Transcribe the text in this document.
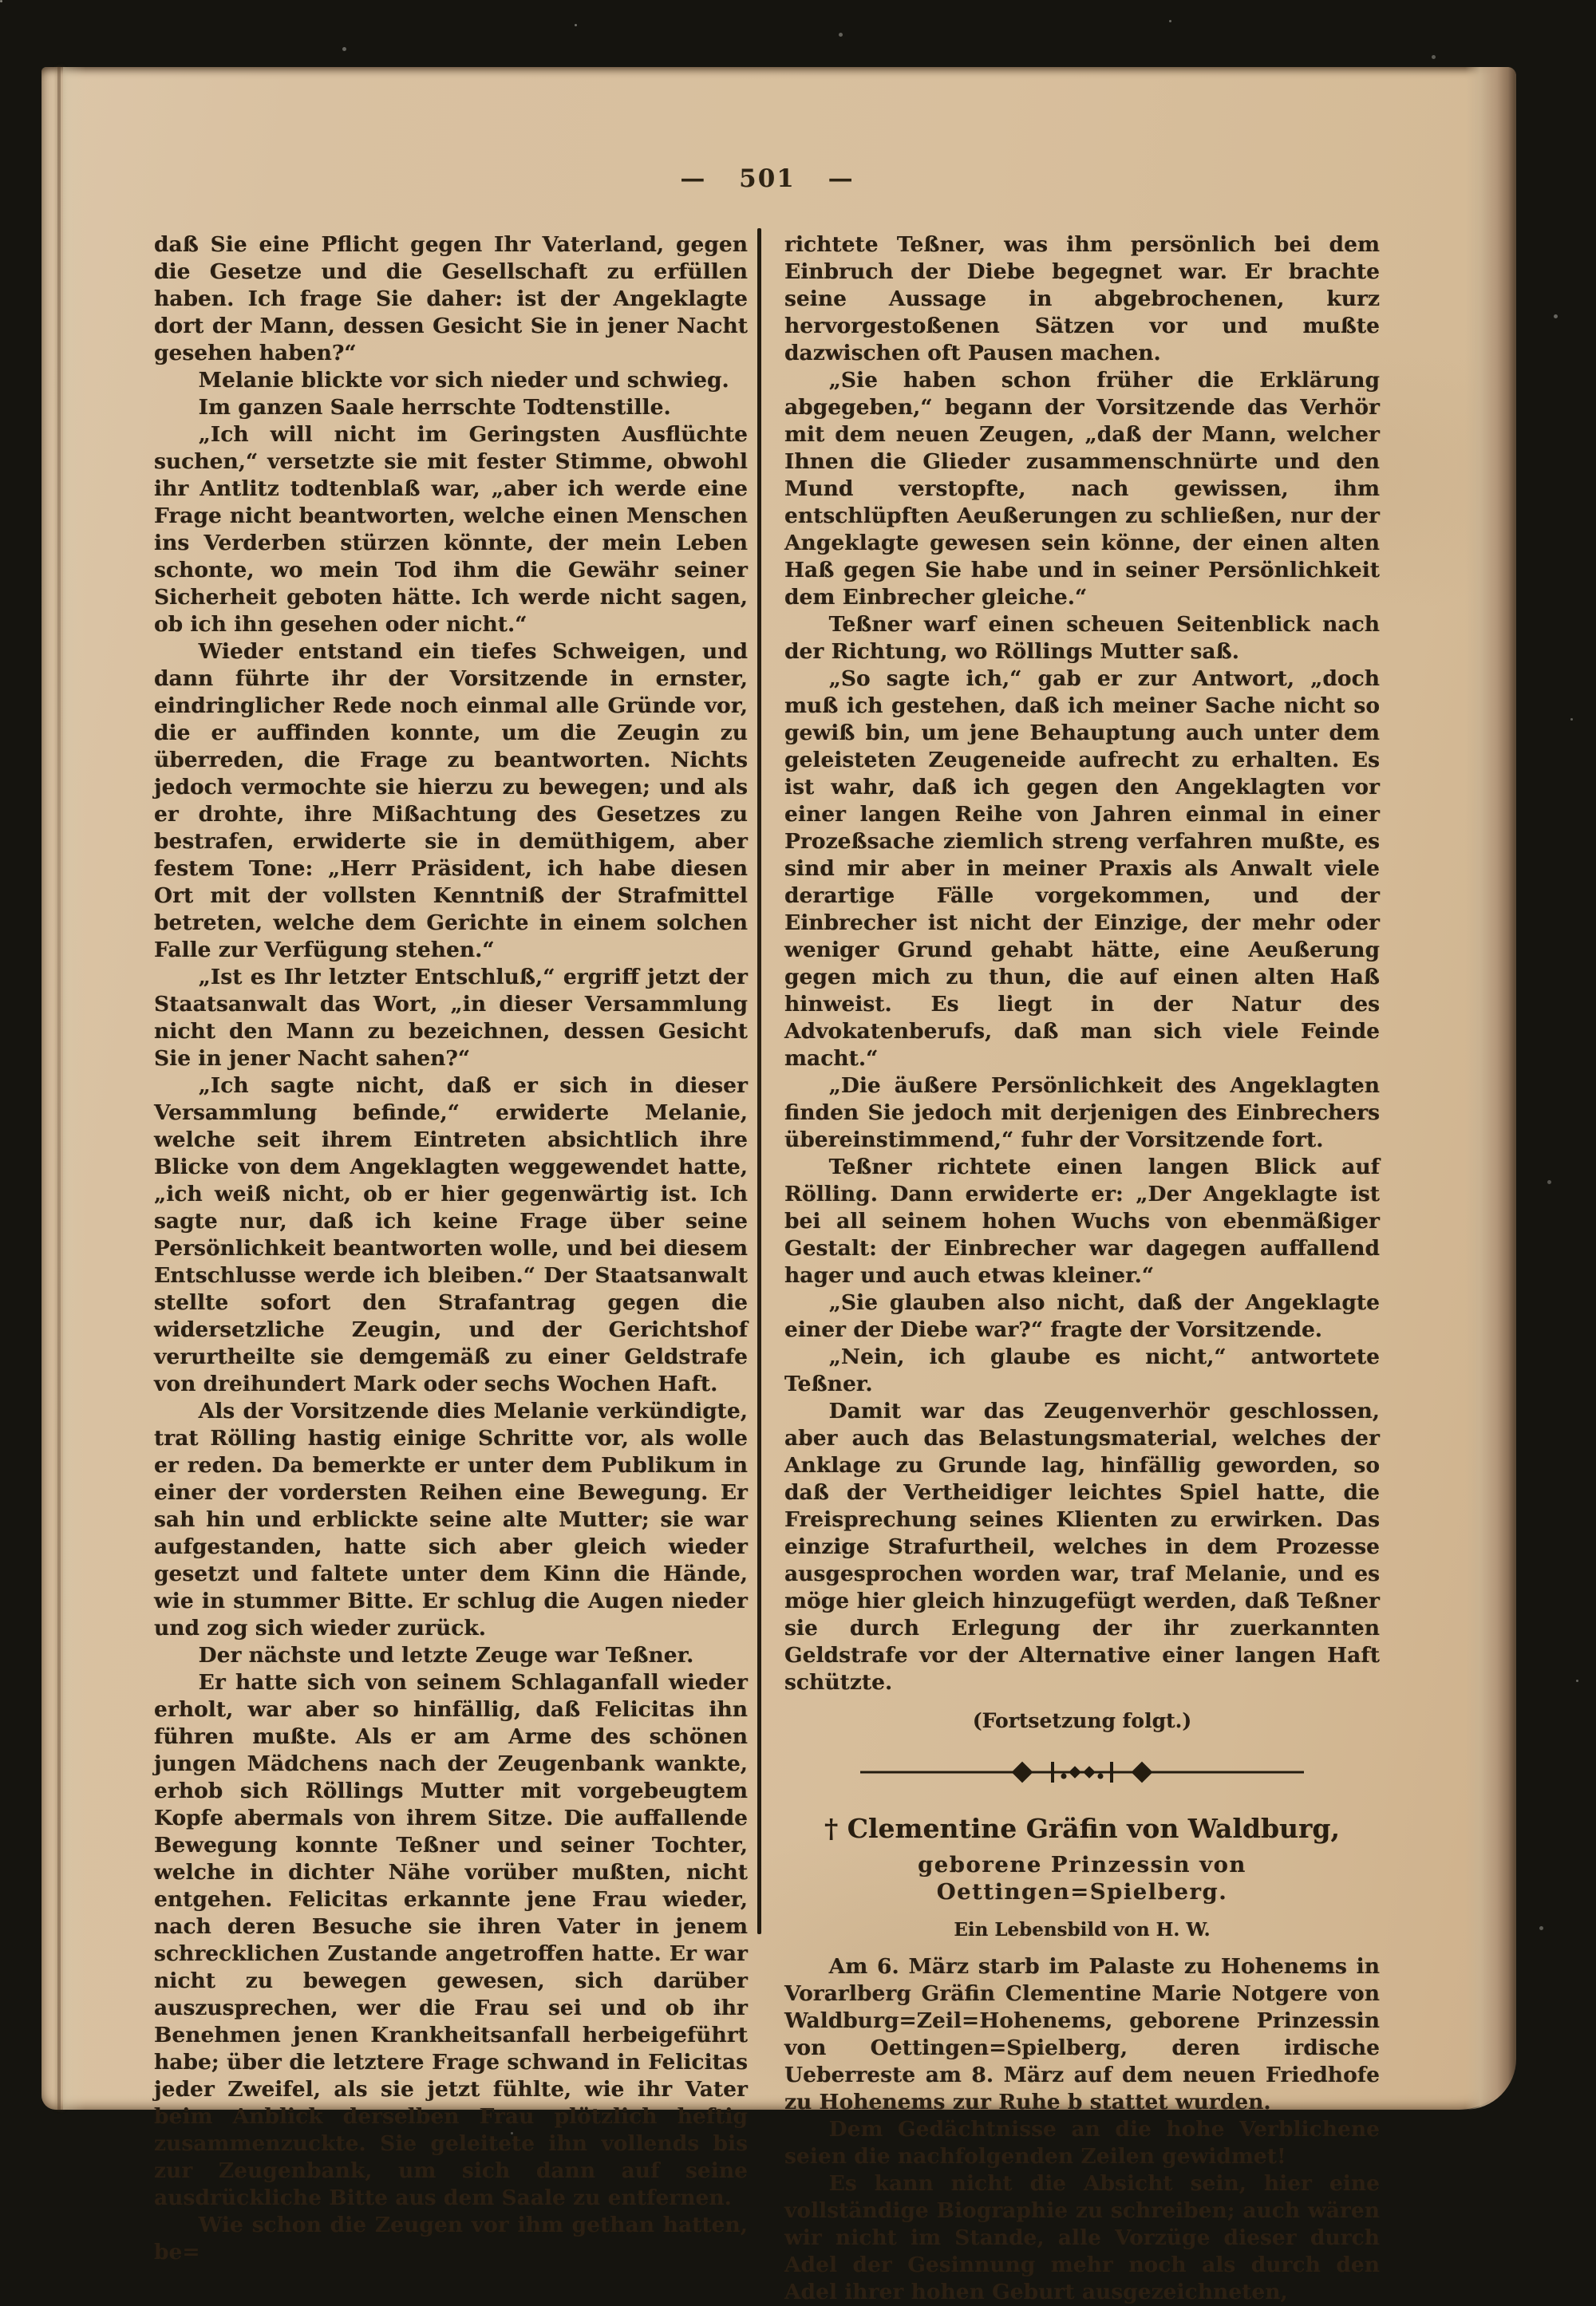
— 501 —

daß Sie eine Pflicht gegen Ihr Vaterland, gegen die Gesetze und die Gesellschaft zu erfüllen haben. Ich frage Sie daher: ist der Angeklagte dort der Mann, dessen Gesicht Sie in jener Nacht gesehen haben?“

Melanie blickte vor sich nieder und schwieg.

Im ganzen Saale herrschte Todtenstille.

„Ich will nicht im Geringsten Ausflüchte suchen,“ versetzte sie mit fester Stimme, obwohl ihr Antlitz todtenblaß war, „aber ich werde eine Frage nicht beantworten, welche einen Menschen ins Verderben stürzen könnte, der mein Leben schonte, wo mein Tod ihm die Gewähr seiner Sicherheit geboten hätte. Ich werde nicht sagen, ob ich ihn gesehen oder nicht.“

Wieder entstand ein tiefes Schweigen, und dann führte ihr der Vorsitzende in ernster, eindringlicher Rede noch einmal alle Gründe vor, die er auffinden konnte, um die Zeugin zu überreden, die Frage zu beantworten. Nichts jedoch vermochte sie hierzu zu bewegen; und als er drohte, ihre Mißachtung des Gesetzes zu bestrafen, erwiderte sie in demüthigem, aber festem Tone: „Herr Präsident, ich habe diesen Ort mit der vollsten Kenntniß der Strafmittel betreten, welche dem Gerichte in einem solchen Falle zur Verfügung stehen.“

„Ist es Ihr letzter Entschluß,“ ergriff jetzt der Staatsanwalt das Wort, „in dieser Versammlung nicht den Mann zu bezeichnen, dessen Gesicht Sie in jener Nacht sahen?“

„Ich sagte nicht, daß er sich in dieser Versammlung befinde,“ erwiderte Melanie, welche seit ihrem Eintreten absichtlich ihre Blicke von dem Angeklagten weggewendet hatte, „ich weiß nicht, ob er hier gegenwärtig ist. Ich sagte nur, daß ich keine Frage über seine Persönlichkeit beantworten wolle, und bei diesem Entschlusse werde ich bleiben.“ Der Staatsanwalt stellte sofort den Strafantrag gegen die widersetzliche Zeugin, und der Gerichtshof verurtheilte sie demgemäß zu einer Geldstrafe von dreihundert Mark oder sechs Wochen Haft.

Als der Vorsitzende dies Melanie verkündigte, trat Rölling hastig einige Schritte vor, als wolle er reden. Da bemerkte er unter dem Publikum in einer der vordersten Reihen eine Bewegung. Er sah hin und erblickte seine alte Mutter; sie war aufgestanden, hatte sich aber gleich wieder gesetzt und faltete unter dem Kinn die Hände, wie in stummer Bitte. Er schlug die Augen nieder und zog sich wieder zurück.

Der nächste und letzte Zeuge war Teßner.

Er hatte sich von seinem Schlaganfall wieder erholt, war aber so hinfällig, daß Felicitas ihn führen mußte. Als er am Arme des schönen jungen Mädchens nach der Zeugenbank wankte, erhob sich Röllings Mutter mit vorgebeugtem Kopfe abermals von ihrem Sitze. Die auffallende Bewegung konnte Teßner und seiner Tochter, welche in dichter Nähe vorüber mußten, nicht entgehen. Felicitas erkannte jene Frau wieder, nach deren Besuche sie ihren Vater in jenem schrecklichen Zustande angetroffen hatte. Er war nicht zu bewegen gewesen, sich darüber auszusprechen, wer die Frau sei und ob ihr Benehmen jenen Krankheitsanfall herbeigeführt habe; über die letztere Frage schwand in Felicitas jeder Zweifel, als sie jetzt fühlte, wie ihr Vater beim Anblick derselben Frau plötzlich heftig zusammenzuckte. Sie geleitete ihn vollends bis zur Zeugenbank, um sich dann auf seine ausdrückliche Bitte aus dem Saale zu entfernen.

Wie schon die Zeugen vor ihm gethan hatten, be=

richtete Teßner, was ihm persönlich bei dem Einbruch der Diebe begegnet war. Er brachte seine Aussage in abgebrochenen, kurz hervorgestoßenen Sätzen vor und mußte dazwischen oft Pausen machen.

„Sie haben schon früher die Erklärung abgegeben,“ begann der Vorsitzende das Verhör mit dem neuen Zeugen, „daß der Mann, welcher Ihnen die Glieder zusammenschnürte und den Mund verstopfte, nach gewissen, ihm entschlüpften Aeußerungen zu schließen, nur der Angeklagte gewesen sein könne, der einen alten Haß gegen Sie habe und in seiner Persönlichkeit dem Einbrecher gleiche.“

Teßner warf einen scheuen Seitenblick nach der Richtung, wo Röllings Mutter saß.

„So sagte ich,“ gab er zur Antwort, „doch muß ich gestehen, daß ich meiner Sache nicht so gewiß bin, um jene Behauptung auch unter dem geleisteten Zeugeneide aufrecht zu erhalten. Es ist wahr, daß ich gegen den Angeklagten vor einer langen Reihe von Jahren einmal in einer Prozeßsache ziemlich streng verfahren mußte, es sind mir aber in meiner Praxis als Anwalt viele derartige Fälle vorgekommen, und der Einbrecher ist nicht der Einzige, der mehr oder weniger Grund gehabt hätte, eine Aeußerung gegen mich zu thun, die auf einen alten Haß hinweist. Es liegt in der Natur des Advokatenberufs, daß man sich viele Feinde macht.“

„Die äußere Persönlichkeit des Angeklagten finden Sie jedoch mit derjenigen des Einbrechers übereinstimmend,“ fuhr der Vorsitzende fort.

Teßner richtete einen langen Blick auf Rölling. Dann erwiderte er: „Der Angeklagte ist bei all seinem hohen Wuchs von ebenmäßiger Gestalt: der Einbrecher war dagegen auffallend hager und auch etwas kleiner.“

„Sie glauben also nicht, daß der Angeklagte einer der Diebe war?“ fragte der Vorsitzende.

„Nein, ich glaube es nicht,“ antwortete Teßner.

Damit war das Zeugenverhör geschlossen, aber auch das Belastungsmaterial, welches der Anklage zu Grunde lag, hinfällig geworden, so daß der Vertheidiger leichtes Spiel hatte, die Freisprechung seines Klienten zu erwirken. Das einzige Strafurtheil, welches in dem Prozesse ausgesprochen worden war, traf Melanie, und es möge hier gleich hinzugefügt werden, daß Teßner sie durch Erlegung der ihr zuerkannten Geldstrafe vor der Alternative einer langen Haft schützte.

(Fortsetzung folgt.)

† Clementine Gräfin von Waldburg,

geborene Prinzessin von Oettingen=Spielberg.

Ein Lebensbild von H. W.

Am 6. März starb im Palaste zu Hohenems in Vorarlberg Gräfin Clementine Marie Notgere von Waldburg=Zeil=Hohenems, geborene Prinzessin von Oettingen=Spielberg, deren irdische Ueberreste am 8. März auf dem neuen Friedhofe zu Hohenems zur Ruhe b stattet wurden.

Dem Gedächtnisse an die hohe Verblichene seien die nachfolgenden Zeilen gewidmet!

Es kann nicht die Absicht sein, hier eine vollständige Biographie zu schreiben; auch wären wir nicht im Stande, alle Vorzüge dieser durch Adel der Gesinnung mehr noch als durch den Adel ihrer hohen Geburt ausgezeichneten,
